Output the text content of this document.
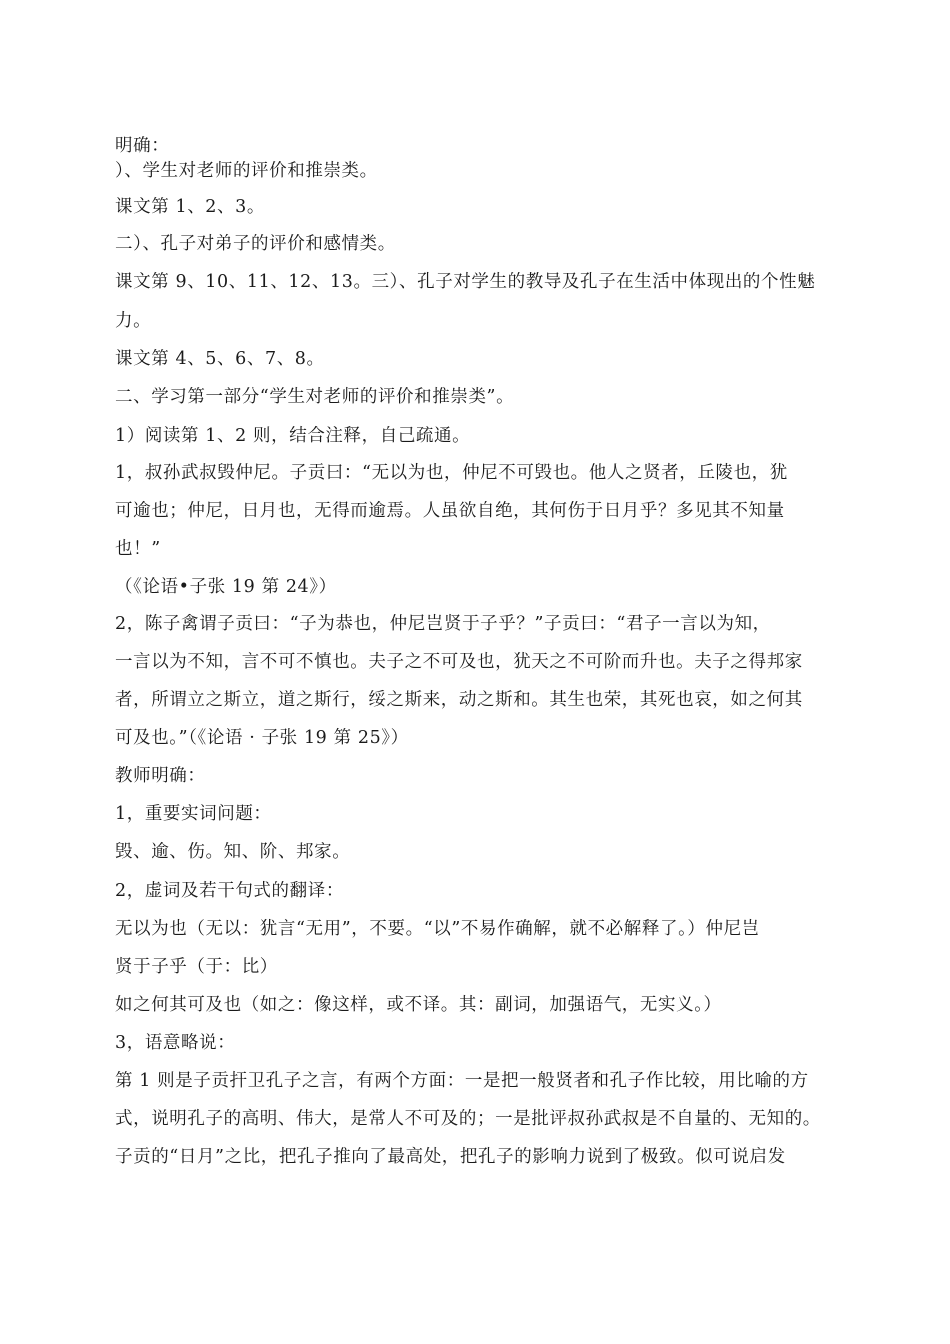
明确：
）、学生对老师的评价和推崇类。
课文第 1、2、3。
二）、孔子对弟子的评价和感情类。
课文第 9、10、11、12、13。三）、孔子对学生的教导及孔子在生活中体现出的个性魅
力。
课文第 4、5、6、7、8。
二、学习第一部分“学生对老师的评价和推崇类”。
1）阅读第 1、2 则，结合注释，自己疏通。
1，叔孙武叔毁仲尼。子贡曰：“无以为也，仲尼不可毁也。他人之贤者，丘陵也，犹
可逾也；仲尼，日月也，无得而逾焉。人虽欲自绝，其何伤于日月乎？多见其不知量
也！”
（《论语•子张 19 第 24》）
2，陈子禽谓子贡曰：“子为恭也，仲尼岂贤于子乎？”子贡曰：“君子一言以为知，
一言以为不知，言不可不慎也。夫子之不可及也，犹天之不可阶而升也。夫子之得邦家
者，所谓立之斯立，道之斯行，绥之斯来，动之斯和。其生也荣，其死也哀，如之何其
可及也。”（《论语 · 子张 19 第 25》）
教师明确：
1，重要实词问题：
毁、逾、伤。知、阶、邦家。
2，虚词及若干句式的翻译：
无以为也（无以：犹言“无用”，不要。“以”不易作确解，就不必解释了。）仲尼岂
贤于子乎（于：比）
如之何其可及也（如之：像这样，或不译。其：副词，加强语气，无实义。）
3，语意略说：
第 1 则是子贡扞卫孔子之言，有两个方面：一是把一般贤者和孔子作比较，用比喻的方
式，说明孔子的高明、伟大，是常人不可及的；一是批评叔孙武叔是不自量的、无知的。
子贡的“日月”之比，把孔子推向了最高处，把孔子的影响力说到了极致。似可说启发
